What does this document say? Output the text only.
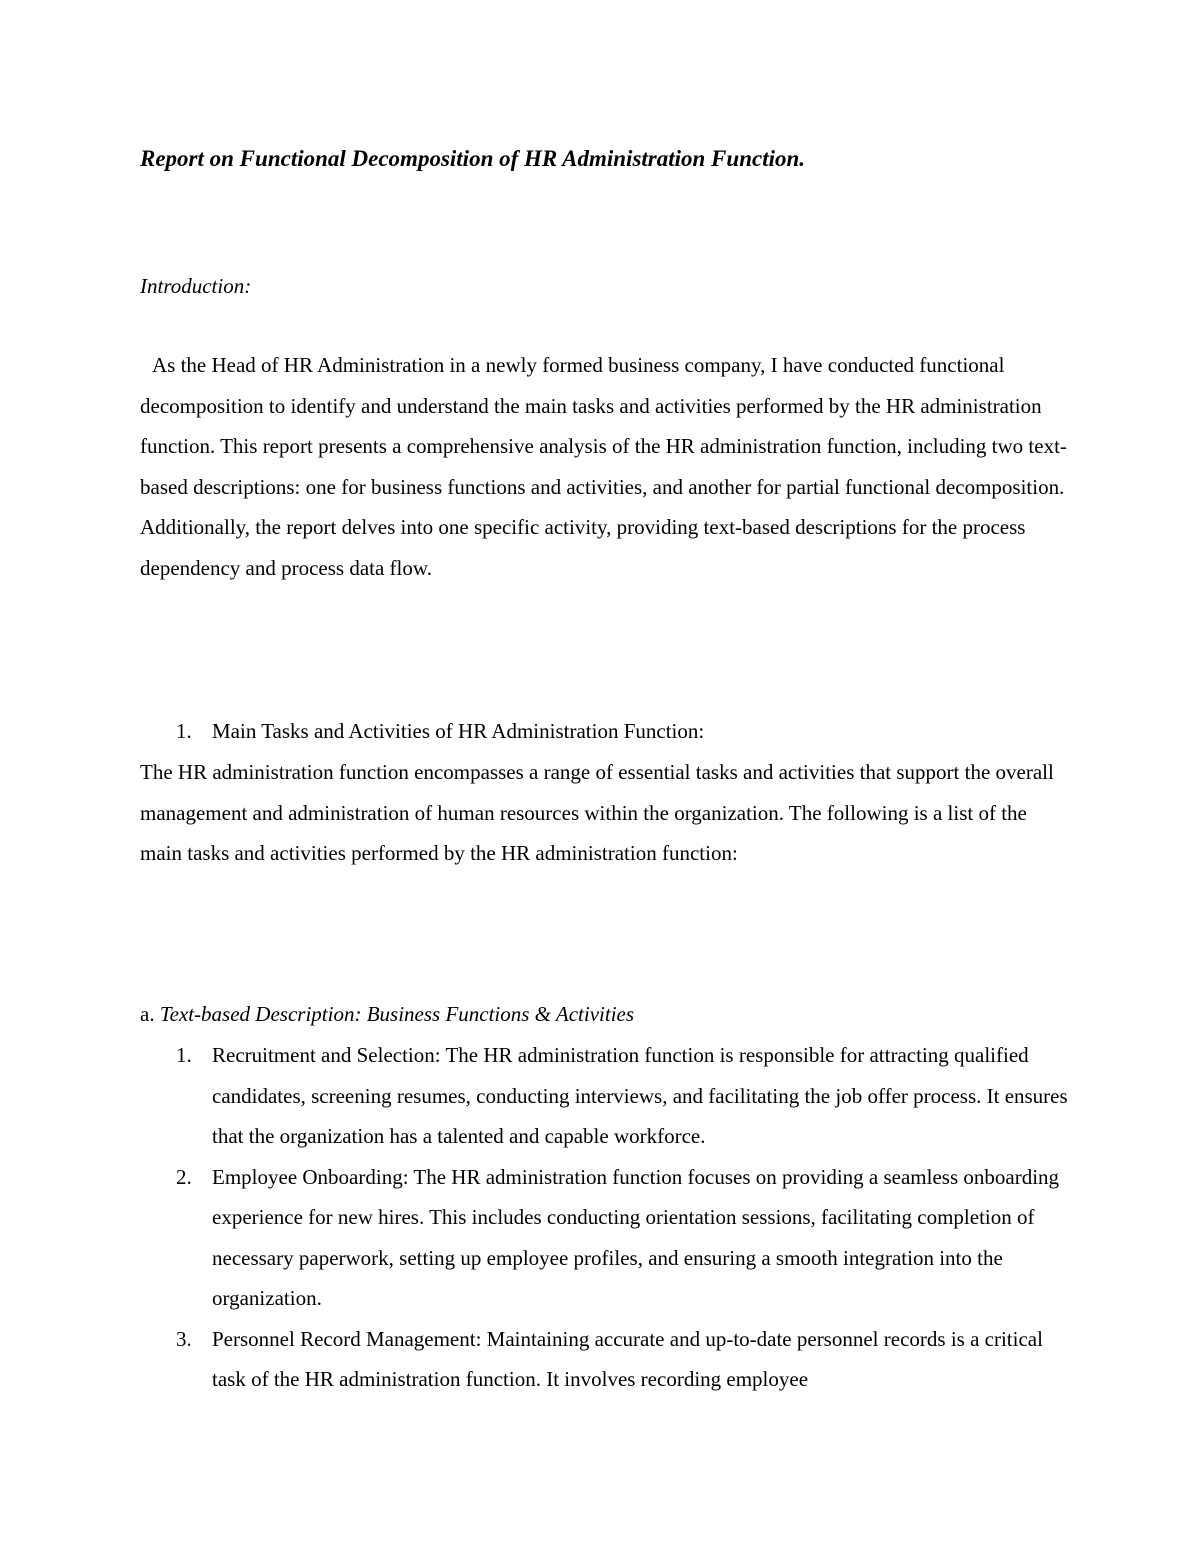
Report on Functional Decomposition of HR Administration Function.
Introduction:
As the Head of HR Administration in a newly formed business company, I have conducted functional decomposition to identify and understand the main tasks and activities performed by the HR administration function. This report presents a comprehensive analysis of the HR administration function, including two text-based descriptions: one for business functions and activities, and another for partial functional decomposition. Additionally, the report delves into one specific activity, providing text-based descriptions for the process dependency and process data flow.
1. Main Tasks and Activities of HR Administration Function:
The HR administration function encompasses a range of essential tasks and activities that support the overall management and administration of human resources within the organization. The following is a list of the main tasks and activities performed by the HR administration function:
a. Text-based Description: Business Functions & Activities
1. Recruitment and Selection: The HR administration function is responsible for attracting qualified candidates, screening resumes, conducting interviews, and facilitating the job offer process. It ensures that the organization has a talented and capable workforce.
2. Employee Onboarding: The HR administration function focuses on providing a seamless onboarding experience for new hires. This includes conducting orientation sessions, facilitating completion of necessary paperwork, setting up employee profiles, and ensuring a smooth integration into the organization.
3. Personnel Record Management: Maintaining accurate and up-to-date personnel records is a critical task of the HR administration function. It involves recording employee
